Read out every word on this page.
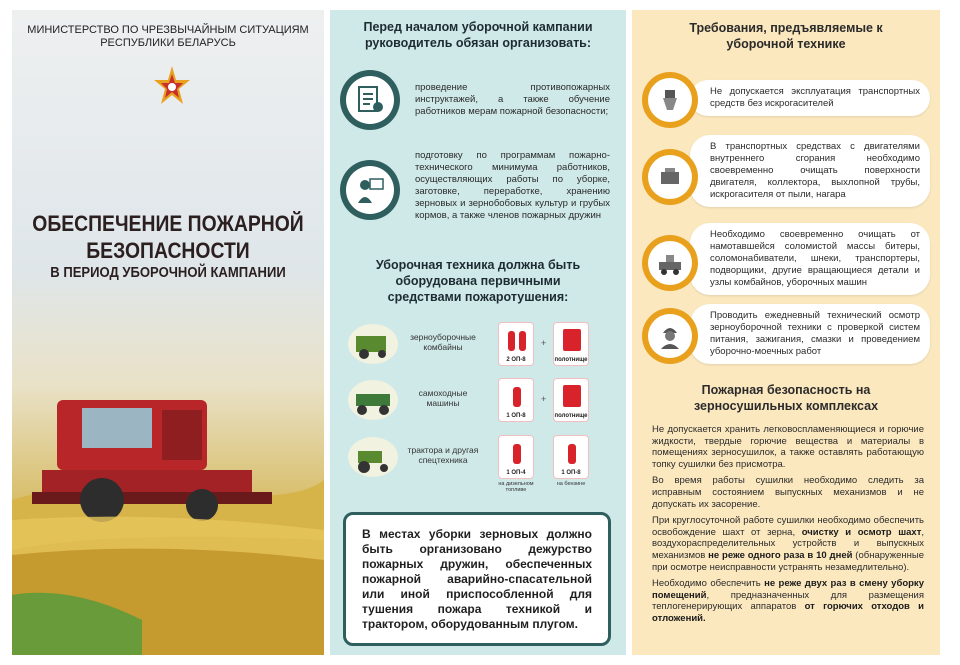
МИНИСТЕРСТВО ПО ЧРЕЗВЫЧАЙНЫМ СИТУАЦИЯМ
РЕСПУБЛИКИ БЕЛАРУСЬ
ОБЕСПЕЧЕНИЕ ПОЖАРНОЙ
БЕЗОПАСНОСТИ
В ПЕРИОД УБОРОЧНОЙ КАМПАНИИ
Перед началом уборочной кампании
руководитель обязан организовать:
проведение противопожарных инструктажей, а также обучение работников мерам пожарной безопасности;
подготовку по программам пожарно-технического минимума работников, осуществляющих работы по уборке, заготовке, переработке, хранению зерновых и зернобобовых культур и грубых кормов, а также членов пожарных дружин
Уборочная техника должна быть
оборудована первичными
средствами пожаротушения:
зерноуборочные
комбайны
2 ОП-8
+
полотнище
самоходные
машины
1 ОП-8
+
полотнище
трактора и другая
спецтехника
1 ОП-4
на дизельном
топливе
1 ОП-8
на бензине
В местах уборки зерновых должно быть организовано дежурство пожарных дружин, обеспеченных пожарной аварийно-спасательной или иной приспособленной для тушения пожара техникой и трактором, оборудованным плугом.
Требования, предъявляемые к
уборочной технике
Не допускается эксплуатация транспортных средств без искрогасителей
В транспортных средствах с двигателями внутреннего сгорания необходимо своевременно очищать поверхности двигателя, коллектора, выхлопной трубы, искрогасителя от пыли, нагара
Необходимо своевременно очищать от намотавшейся соломистой массы битеры, соломонабиватели, шнеки, транспортеры, подворщики, другие вращающиеся детали и узлы комбайнов, уборочных машин
Проводить ежедневный технический осмотр зерноуборочной техники с проверкой систем питания, зажигания, смазки и проведением уборочно-моечных работ
Пожарная безопасность на
зерносушильных комплексах

Не допускается хранить легковоспламеняющиеся и горючие жидкости, твердые горючие вещества и материалы в помещениях зерносушилок, а также оставлять работающую топку сушилки без присмотра.

Во время работы сушилки необходимо следить за исправным состоянием выпускных механизмов и не допускать их засорение.

При круглосуточной работе сушилки необходимо обеспечить освобождение шахт от зерна, очистку и осмотр шахт, воздухораспределительных устройств и выпускных механизмов не реже одного раза в 10 дней (обнаруженные при осмотре неисправности устранять незамедлительно).

Необходимо обеспечить не реже двух раз в смену уборку помещений, предназначенных для размещения теплогенерирующих аппаратов от горючих отходов и отложений.
